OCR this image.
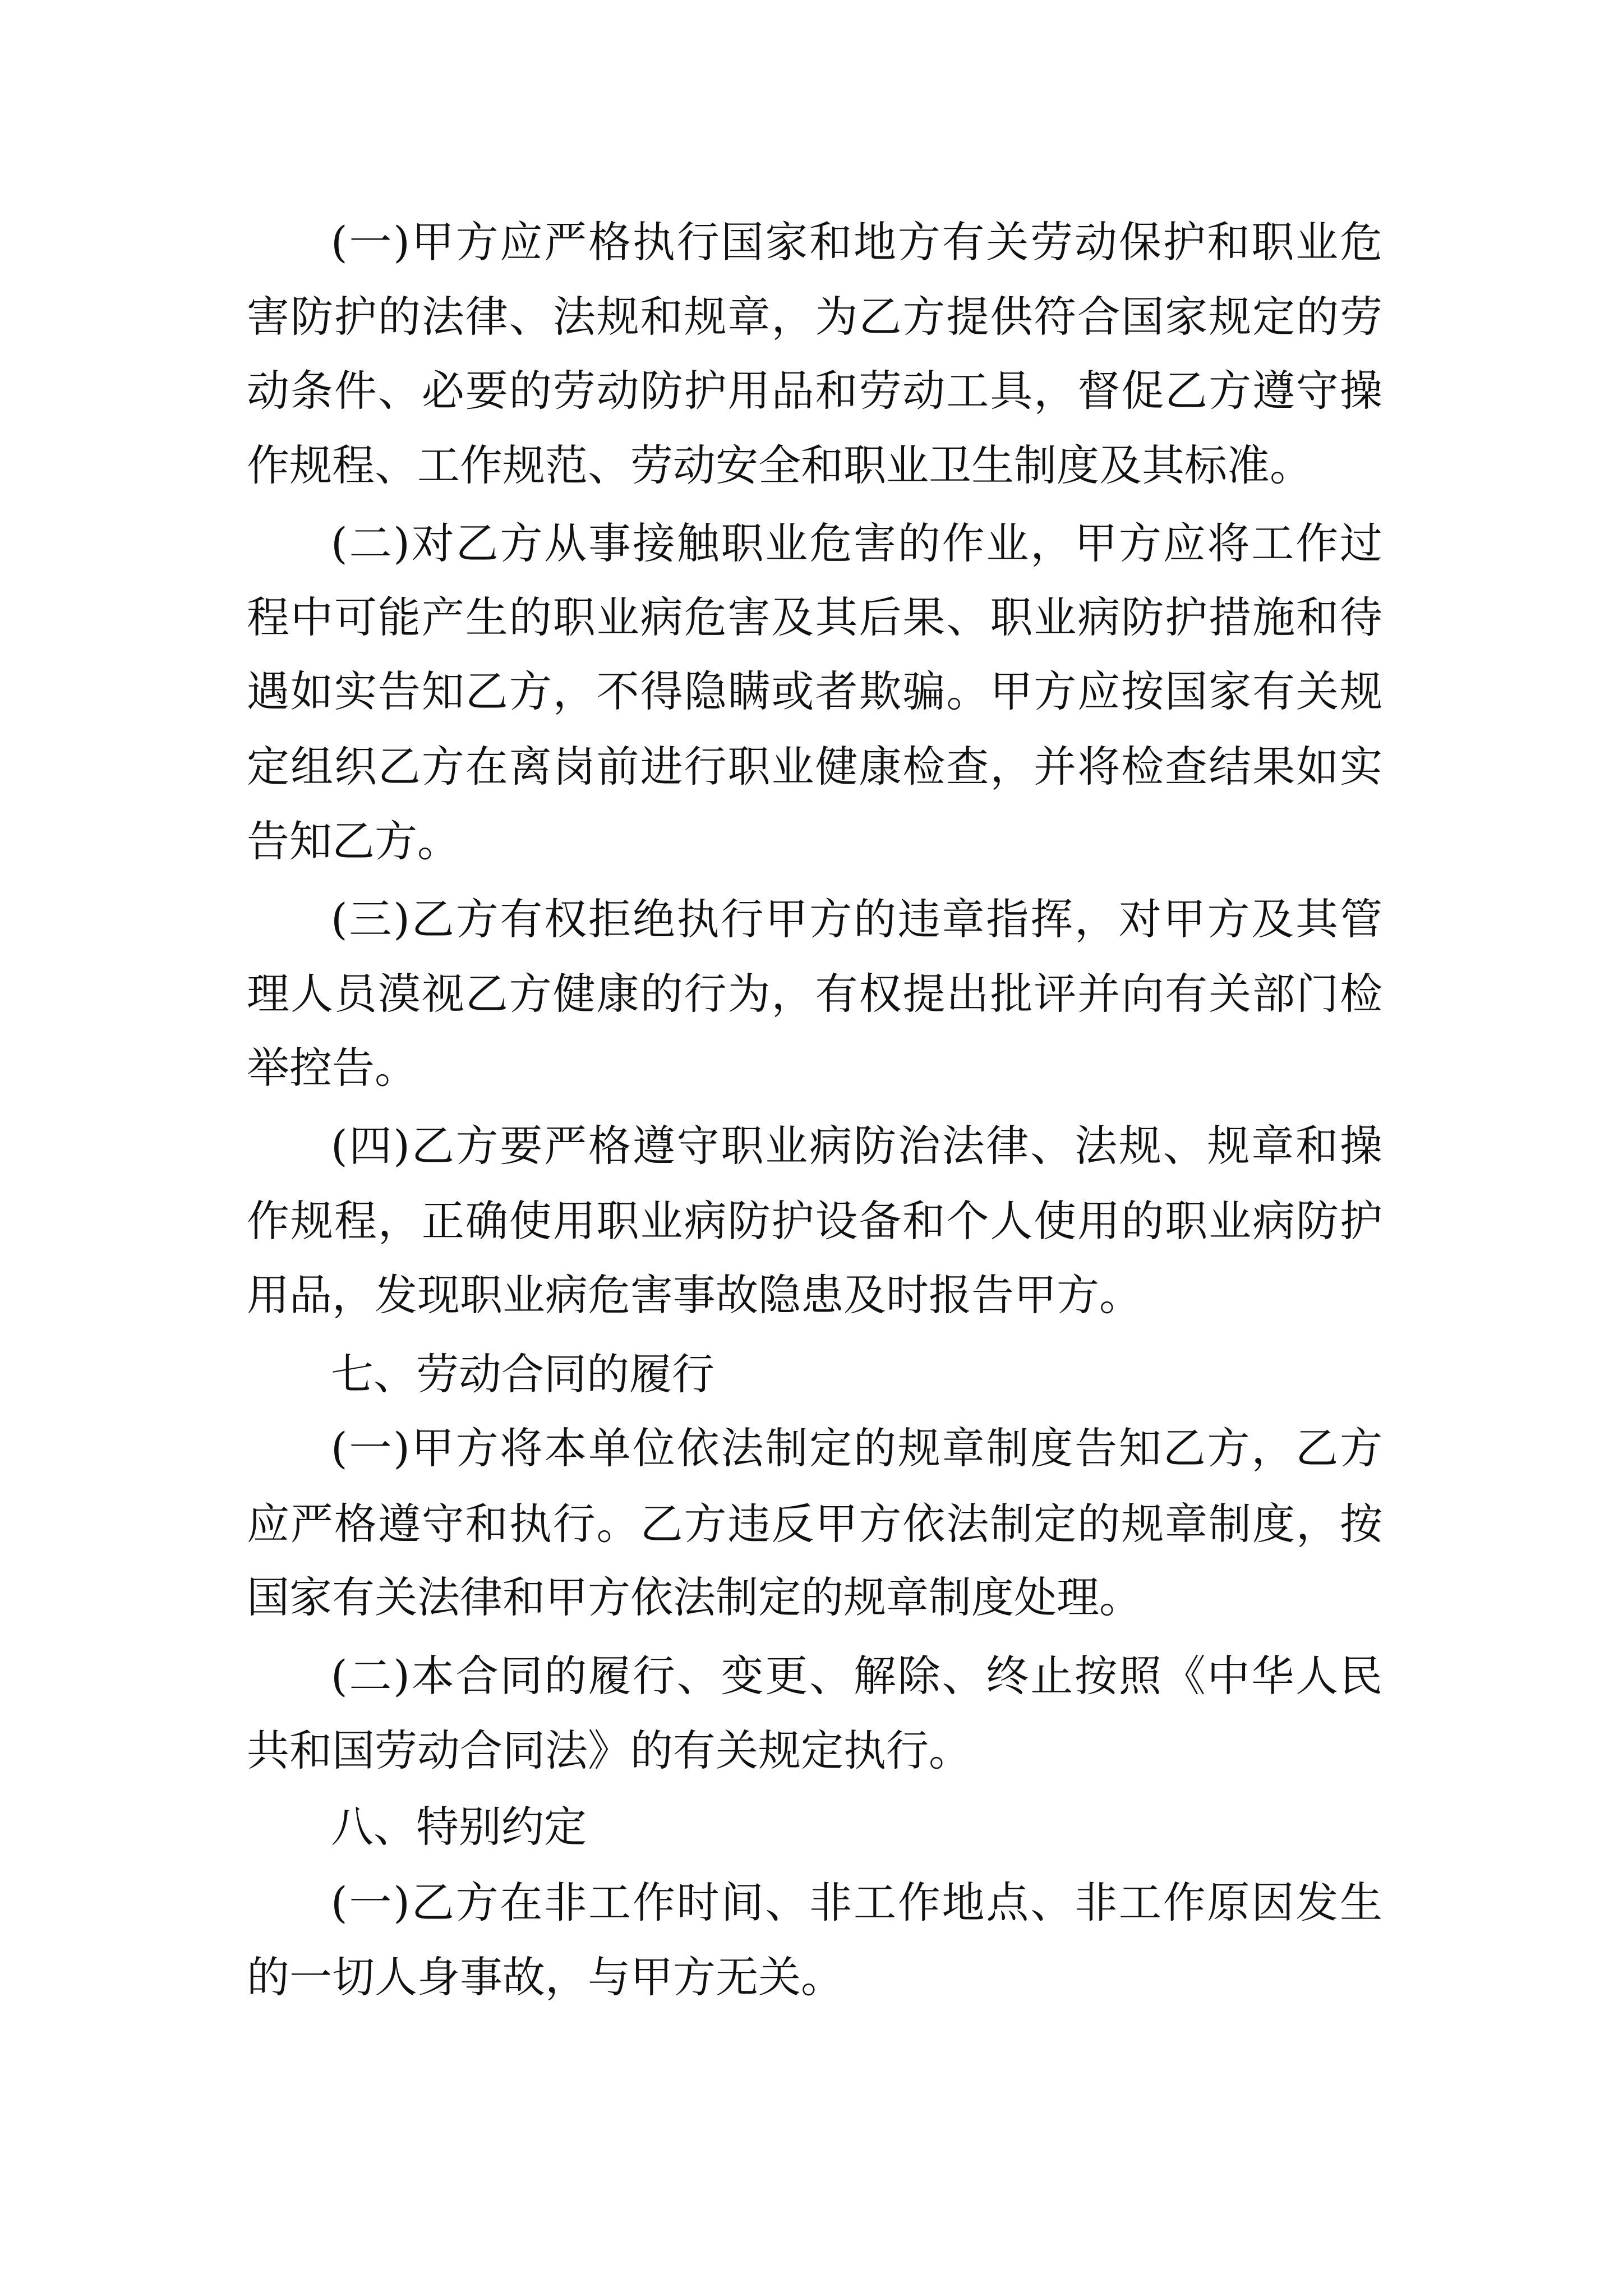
(一)甲方应严格执行国家和地方有关劳动保护和职业危
害防护的法律、法规和规章，为乙方提供符合国家规定的劳
动条件、必要的劳动防护用品和劳动工具，督促乙方遵守操
作规程、工作规范、劳动安全和职业卫生制度及其标准。
(二)对乙方从事接触职业危害的作业，甲方应将工作过
程中可能产生的职业病危害及其后果、职业病防护措施和待
遇如实告知乙方，不得隐瞒或者欺骗。甲方应按国家有关规
定组织乙方在离岗前进行职业健康检查，并将检查结果如实
告知乙方。
(三)乙方有权拒绝执行甲方的违章指挥，对甲方及其管
理人员漠视乙方健康的行为，有权提出批评并向有关部门检
举控告。
(四)乙方要严格遵守职业病防治法律、法规、规章和操
作规程，正确使用职业病防护设备和个人使用的职业病防护
用品，发现职业病危害事故隐患及时报告甲方。
七、劳动合同的履行
(一)甲方将本单位依法制定的规章制度告知乙方，乙方
应严格遵守和执行。乙方违反甲方依法制定的规章制度，按
国家有关法律和甲方依法制定的规章制度处理。
(二)本合同的履行、变更、解除、终止按照《中华人民
共和国劳动合同法》的有关规定执行。
八、特别约定
(一)乙方在非工作时间、非工作地点、非工作原因发生
的一切人身事故，与甲方无关。
